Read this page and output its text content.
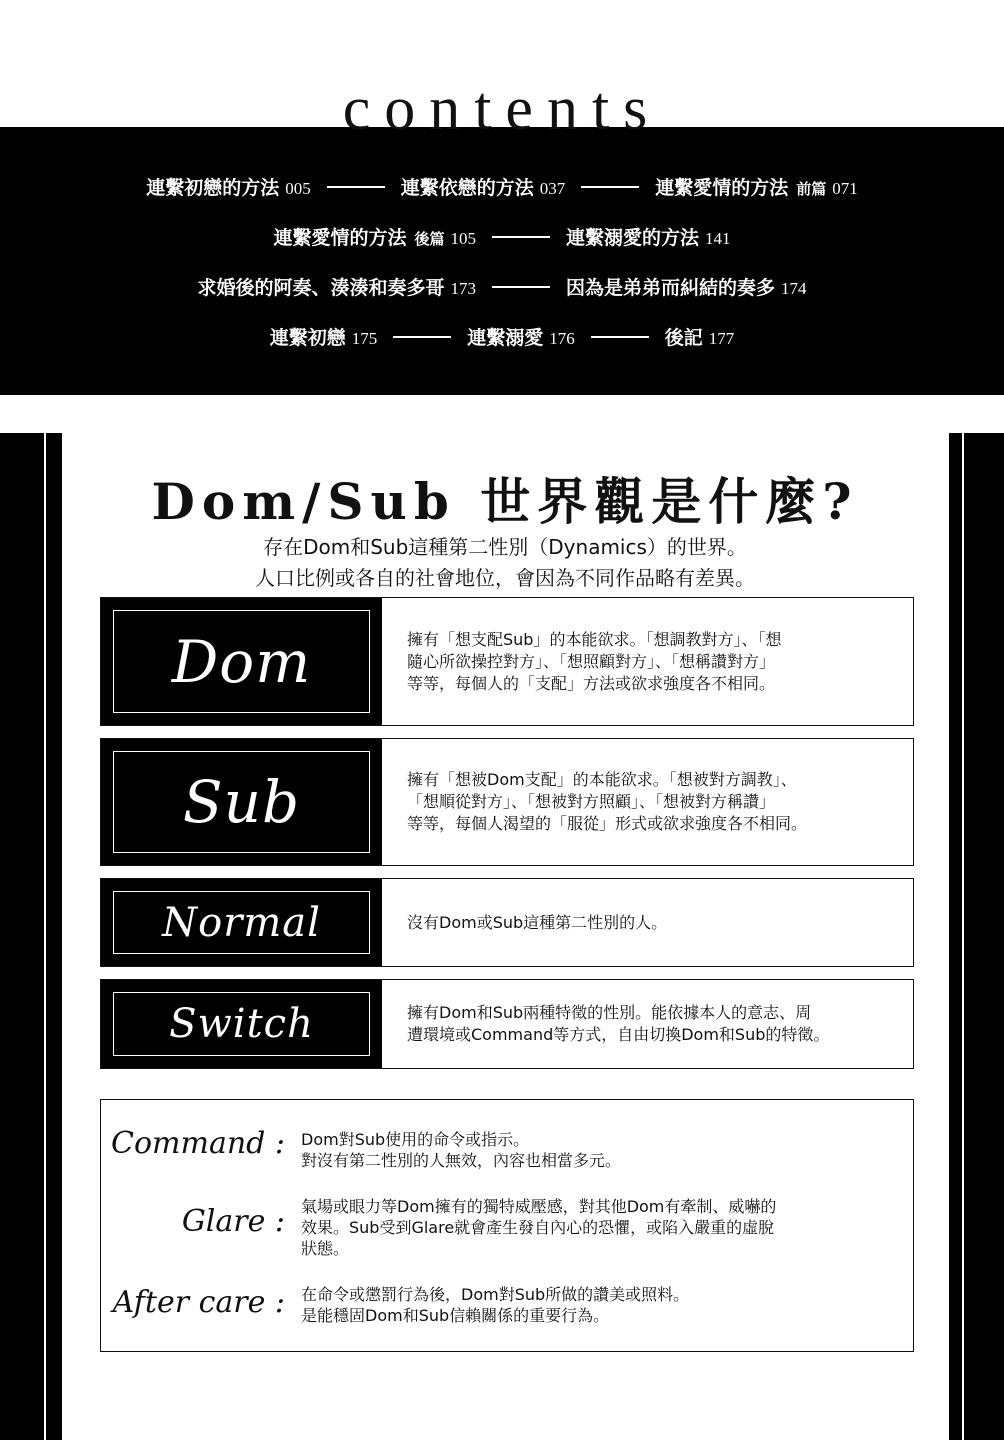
連繫初戀的方法 005	連繫依戀的方法 037	連繫愛情的方法 前篇 071
連繫愛情的方法 後篇 105	連繫溺愛的方法 141
求婚後的阿奏、湊湊和奏多哥 173	因為是弟弟而糾結的奏多 174
連繫初戀 175	連繫溺愛 176	後記 177
contents
Dom/Sub 世界觀是什麼?
存在Dom和Sub這種第二性別（Dynamics）的世界。
人口比例或各自的社會地位，會因為不同作品略有差異。
Dom	擁有「想支配Sub」的本能欲求。「想調教對方」、「想
隨心所欲操控對方」、「想照顧對方」、「想稱讚對方」
等等，每個人的「支配」方法或欲求強度各不相同。
Sub	擁有「想被Dom支配」的本能欲求。「想被對方調教」、
「想順從對方」、「想被對方照顧」、「想被對方稱讚」
等等，每個人渴望的「服從」形式或欲求強度各不相同。
Normal	沒有Dom或Sub這種第二性別的人。
Switch	擁有Dom和Sub兩種特徵的性別。能依據本人的意志、周
遭環境或Command等方式，自由切換Dom和Sub的特徵。
Command : Dom對Sub使用的命令或指示。
對沒有第二性別的人無效，內容也相當多元。
Glare : 氣場或眼力等Dom擁有的獨特威壓感，對其他Dom有牽制、威嚇的
效果。Sub受到Glare就會產生發自內心的恐懼，或陷入嚴重的虛脫
狀態。
After care : 在命令或懲罰行為後，Dom對Sub所做的讚美或照料。
是能穩固Dom和Sub信賴關係的重要行為。
